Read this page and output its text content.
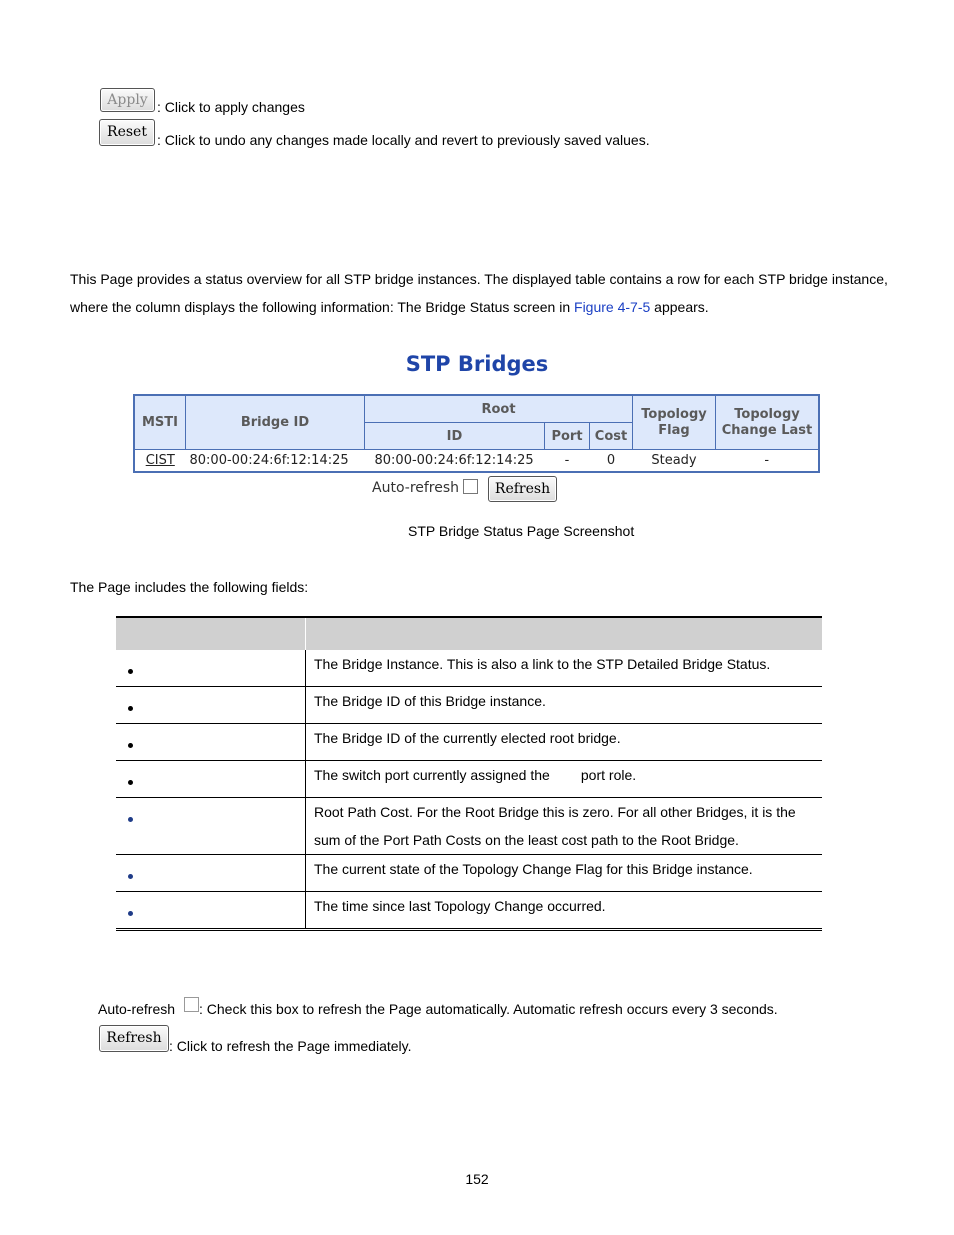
Apply : Click to apply changes
Reset : Click to undo any changes made locally and revert to previously saved values.
This Page provides a status overview for all STP bridge instances. The displayed table contains a row for each STP bridge instance,
where the column displays the following information: The Bridge Status screen in Figure 4-7-5 appears.
STP Bridges
MSTI	Bridge ID	Root			Topology Flag	Topology Change Last
		ID	Port	Cost		
CIST	80:00-00:24:6f:12:14:25	80:00-00:24:6f:12:14:25	-	0	Steady	-
Auto-refresh	Refresh
STP Bridge Status Page Screenshot
The Page includes the following fields:

	The Bridge Instance. This is also a link to the STP Detailed Bridge Status.

	The Bridge ID of this Bridge instance.

	The Bridge ID of the currently elected root bridge.

	The switch port currently assigned the        port role.

	Root Path Cost. For the Root Bridge this is zero. For all other Bridges, it is the
sum of the Port Path Costs on the least cost path to the Root Bridge.

	The current state of the Topology Change Flag for this Bridge instance.

	The time since last Topology Change occurred.
Auto-refresh : Check this box to refresh the Page automatically. Automatic refresh occurs every 3 seconds.
Refresh : Click to refresh the Page immediately.
152
